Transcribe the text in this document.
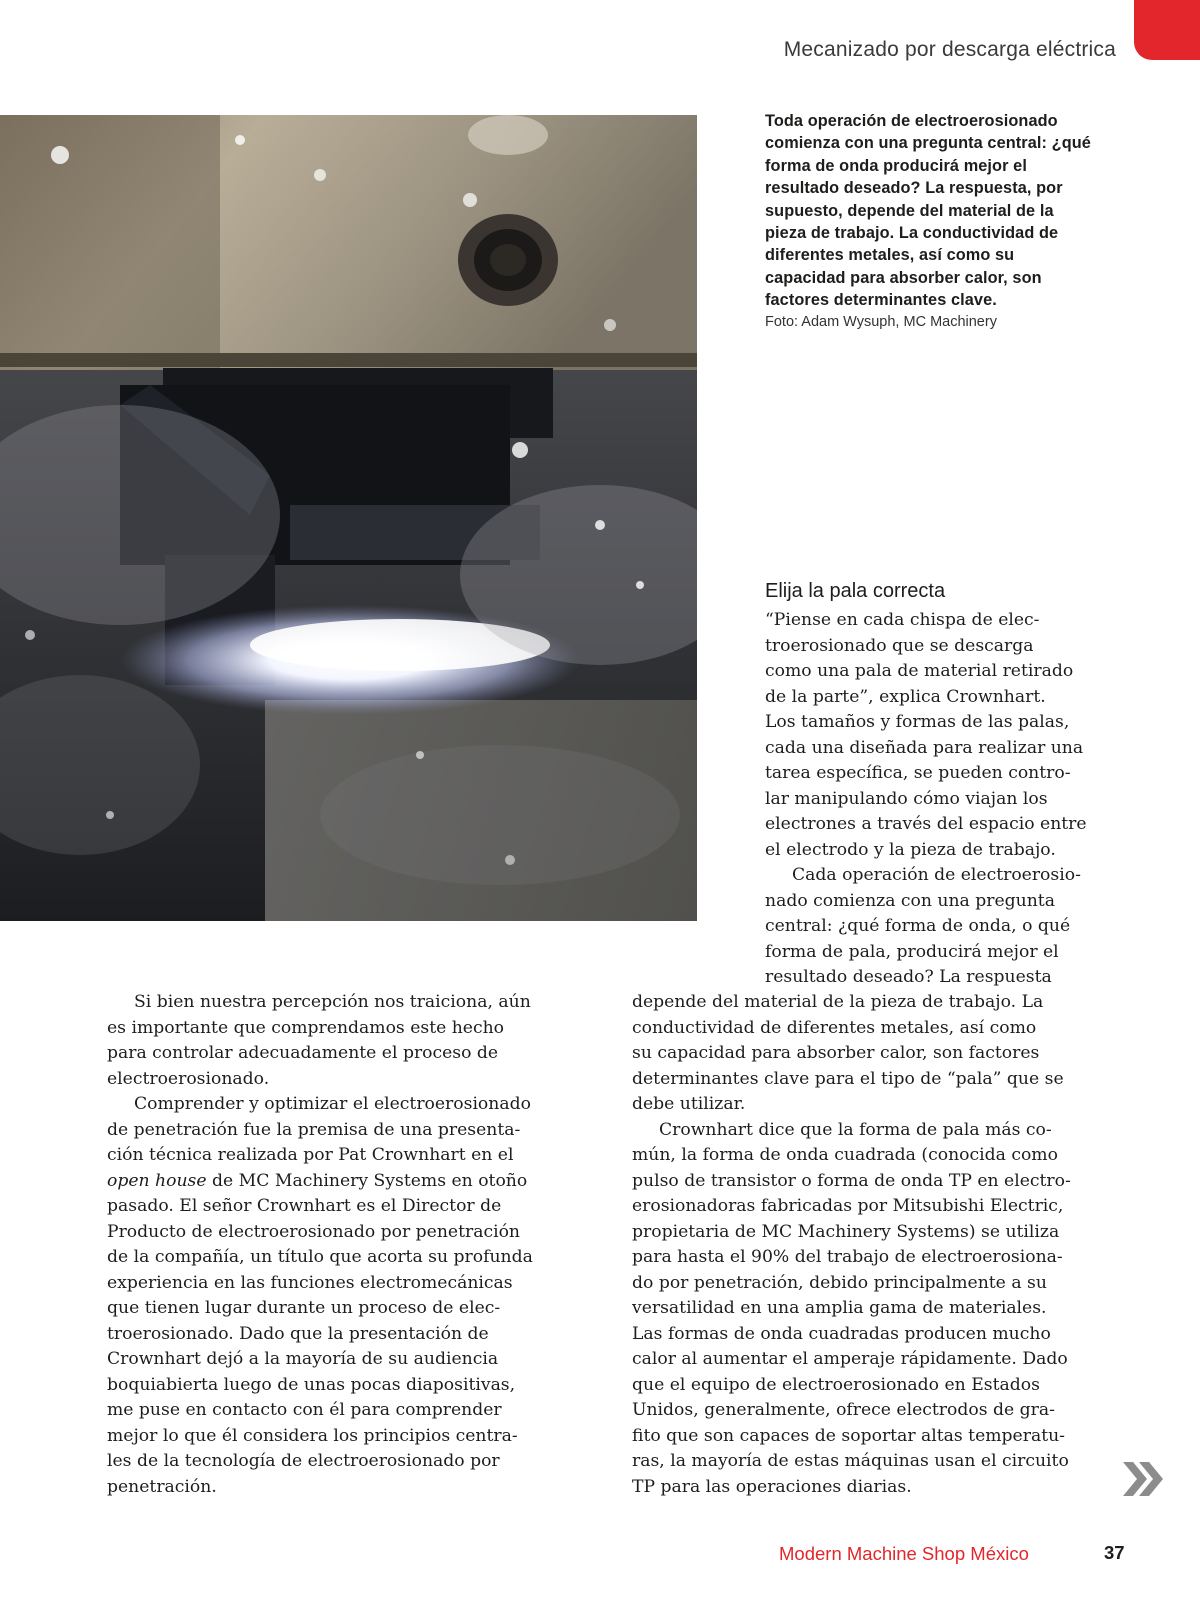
Mecanizado por descarga eléctrica
Toda operación de electroerosionado
comienza con una pregunta central: ¿qué
forma de onda producirá mejor el
resultado deseado? La respuesta, por
supuesto, depende del material de la
pieza de trabajo. La conductividad de
diferentes metales, así como su
capacidad para absorber calor, son
factores determinantes clave.
Foto: Adam Wysuph, MC Machinery
Elija la pala correcta
“Piense en cada chispa de elec-
troerosionado que se descarga
como una pala de material retirado
de la parte”, explica Crownhart.
Los tamaños y formas de las palas,
cada una diseñada para realizar una
tarea específica, se pueden contro-
lar manipulando cómo viajan los
electrones a través del espacio entre
el electrodo y la pieza de trabajo.
Cada operación de electroerosio-
nado comienza con una pregunta
central: ¿qué forma de onda, o qué
forma de pala, producirá mejor el
resultado deseado? La respuesta
Si bien nuestra percepción nos traiciona, aún
es importante que comprendamos este hecho
para controlar adecuadamente el proceso de
electroerosionado.
Comprender y optimizar el electroerosionado
de penetración fue la premisa de una presenta-
ción técnica realizada por Pat Crownhart en el
open house de MC Machinery Systems en otoño
pasado. El señor Crownhart es el Director de
Producto de electroerosionado por penetración
de la compañía, un título que acorta su profunda
experiencia en las funciones electromecánicas
que tienen lugar durante un proceso de elec-
troerosionado. Dado que la presentación de
Crownhart dejó a la mayoría de su audiencia
boquiabierta luego de unas pocas diapositivas,
me puse en contacto con él para comprender
mejor lo que él considera los principios centra-
les de la tecnología de electroerosionado por
penetración.
depende del material de la pieza de trabajo. La
conductividad de diferentes metales, así como
su capacidad para absorber calor, son factores
determinantes clave para el tipo de “pala” que se
debe utilizar.
Crownhart dice que la forma de pala más co-
mún, la forma de onda cuadrada (conocida como
pulso de transistor o forma de onda TP en electro-
erosionadoras fabricadas por Mitsubishi Electric,
propietaria de MC Machinery Systems) se utiliza
para hasta el 90% del trabajo de electroerosiona-
do por penetración, debido principalmente a su
versatilidad en una amplia gama de materiales.
Las formas de onda cuadradas producen mucho
calor al aumentar el amperaje rápidamente. Dado
que el equipo de electroerosionado en Estados
Unidos, generalmente, ofrece electrodos de gra-
fito que son capaces de soportar altas temperatu-
ras, la mayoría de estas máquinas usan el circuito
TP para las operaciones diarias.
Modern Machine Shop México	37
